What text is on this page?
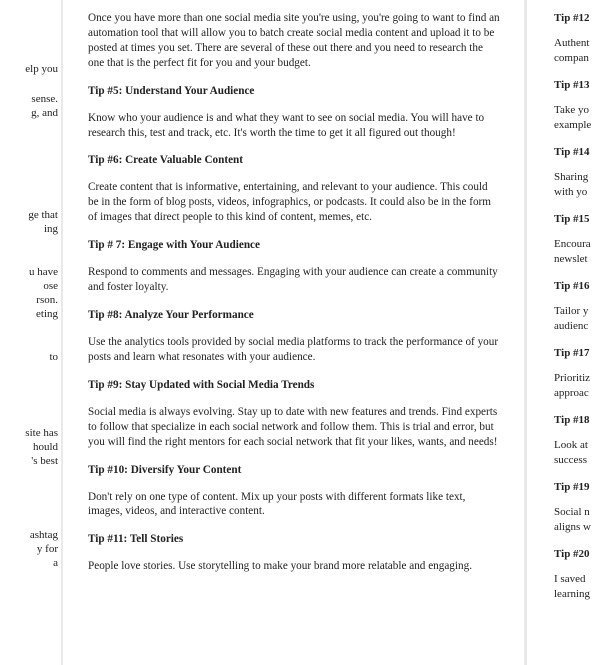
elp you
sense.
g, and
ge that
ing
u have
ose
rson.
eting
to
site has
hould
's best
ashtag
y for
a

Once you have more than one social media site you're using, you're going to want to find an automation tool that will allow you to batch create social media content and upload it to be posted at times you set. There are several of these out there and you need to research the one that is the perfect fit for you and your budget.

Tip #5: Understand Your Audience

Know who your audience is and what they want to see on social media. You will have to research this, test and track, etc. It's worth the time to get it all figured out though!

Tip #6: Create Valuable Content

Create content that is informative, entertaining, and relevant to your audience. This could be in the form of blog posts, videos, infographics, or podcasts. It could also be in the form of images that direct people to this kind of content, memes, etc.

Tip # 7: Engage with Your Audience

Respond to comments and messages. Engaging with your audience can create a community and foster loyalty.

Tip #8: Analyze Your Performance

Use the analytics tools provided by social media platforms to track the performance of your posts and learn what resonates with your audience.

Tip #9: Stay Updated with Social Media Trends

Social media is always evolving. Stay up to date with new features and trends. Find experts to follow that specialize in each social network and follow them. This is trial and error, but you will find the right mentors for each social network that fit your likes, wants, and needs!

Tip #10: Diversify Your Content

Don't rely on one type of content. Mix up your posts with different formats like text, images, videos, and interactive content.

Tip #11: Tell Stories

People love stories. Use storytelling to make your brand more relatable and engaging.

Tip #12
Authent
compan
Tip #13
Take yo
example
Tip #14
Sharing
with yo
Tip #15
Encoura
newslet
Tip #16
Tailor y
audienc
Tip #17
Prioritiz
approac
Tip #18
Look at
success
Tip #19
Social n
aligns w
Tip #20
I saved
learning
